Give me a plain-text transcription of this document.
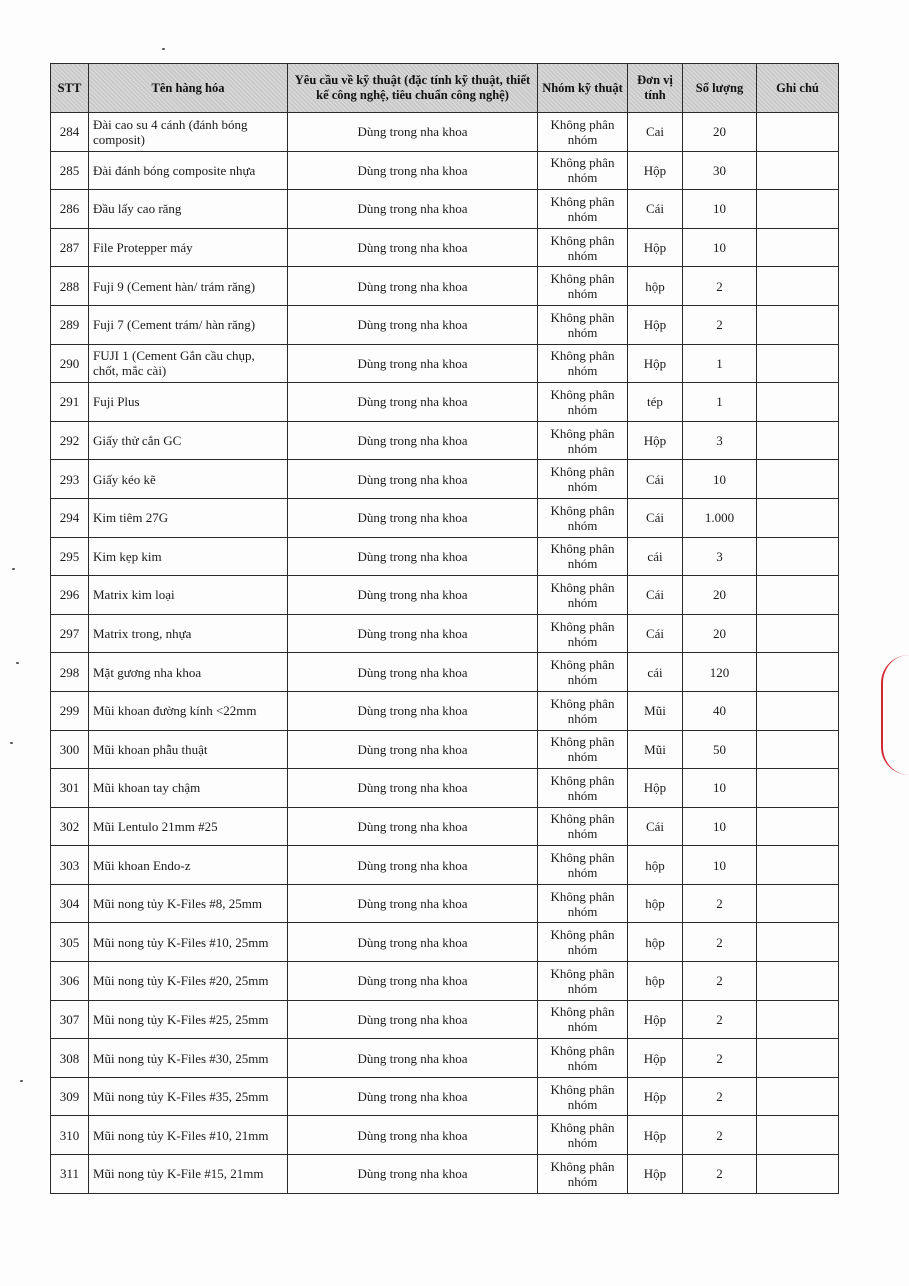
STT	Tên hàng hóa	Yêu cầu về kỹ thuật (đặc tính kỹ thuật, thiết kế công nghệ, tiêu chuẩn công nghệ)	Nhóm kỹ thuật	Đơn vị tính	Số lượng	Ghi chú
284	Đài cao su 4 cánh (đánh bóng composit)	Dùng trong nha khoa	Không phân nhóm	Cai	20	
285	Đài đánh bóng composite nhựa	Dùng trong nha khoa	Không phân nhóm	Hộp	30	
286	Đầu lấy cao răng	Dùng trong nha khoa	Không phân nhóm	Cái	10	
287	File Protepper máy	Dùng trong nha khoa	Không phân nhóm	Hộp	10	
288	Fuji 9 (Cement hàn/ trám răng)	Dùng trong nha khoa	Không phân nhóm	hộp	2	
289	Fuji 7 (Cement trám/ hàn răng)	Dùng trong nha khoa	Không phân nhóm	Hộp	2	
290	FUJI 1 (Cement Gắn cầu chụp, chốt, mắc cài)	Dùng trong nha khoa	Không phân nhóm	Hộp	1	
291	Fuji Plus	Dùng trong nha khoa	Không phân nhóm	tép	1	
292	Giấy thử cắn GC	Dùng trong nha khoa	Không phân nhóm	Hộp	3	
293	Giấy kéo kẽ	Dùng trong nha khoa	Không phân nhóm	Cái	10	
294	Kim tiêm 27G	Dùng trong nha khoa	Không phân nhóm	Cái	1.000	
295	Kim kẹp kim	Dùng trong nha khoa	Không phân nhóm	cái	3	
296	Matrix kim loại	Dùng trong nha khoa	Không phân nhóm	Cái	20	
297	Matrix trong, nhựa	Dùng trong nha khoa	Không phân nhóm	Cái	20	
298	Mặt gương nha khoa	Dùng trong nha khoa	Không phân nhóm	cái	120	
299	Mũi khoan đường kính <22mm	Dùng trong nha khoa	Không phân nhóm	Mũi	40	
300	Mũi khoan phẫu thuật	Dùng trong nha khoa	Không phân nhóm	Mũi	50	
301	Mũi khoan tay chậm	Dùng trong nha khoa	Không phân nhóm	Hộp	10	
302	Mũi Lentulo 21mm #25	Dùng trong nha khoa	Không phân nhóm	Cái	10	
303	Mũi khoan Endo-z	Dùng trong nha khoa	Không phân nhóm	hộp	10	
304	Mũi nong tủy K-Files #8, 25mm	Dùng trong nha khoa	Không phân nhóm	hộp	2	
305	Mũi nong tủy K-Files #10, 25mm	Dùng trong nha khoa	Không phân nhóm	hộp	2	
306	Mũi nong tủy K-Files #20, 25mm	Dùng trong nha khoa	Không phân nhóm	hộp	2	
307	Mũi nong tủy K-Files #25, 25mm	Dùng trong nha khoa	Không phân nhóm	Hộp	2	
308	Mũi nong tủy K-Files #30, 25mm	Dùng trong nha khoa	Không phân nhóm	Hộp	2	
309	Mũi nong tủy K-Files #35, 25mm	Dùng trong nha khoa	Không phân nhóm	Hộp	2	
310	Mũi nong tủy K-Files #10, 21mm	Dùng trong nha khoa	Không phân nhóm	Hộp	2	
311	Mũi nong tủy K-File #15, 21mm	Dùng trong nha khoa	Không phân nhóm	Hộp	2	
